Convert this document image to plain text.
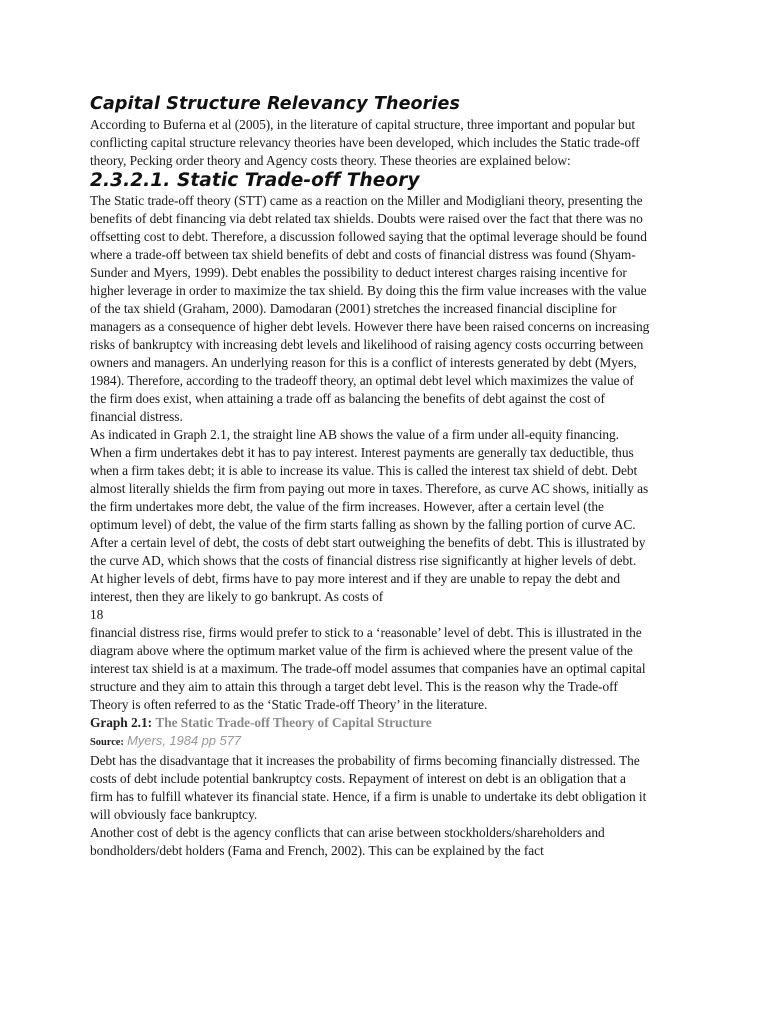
Capital Structure Relevancy Theories

According to Buferna et al (2005), in the literature of capital structure, three important and popular but conflicting capital structure relevancy theories have been developed, which includes the Static trade-off theory, Pecking order theory and Agency costs theory. These theories are explained below:

2.3.2.1. Static Trade-off Theory

The Static trade-off theory (STT) came as a reaction on the Miller and Modigliani theory, presenting the benefits of debt financing via debt related tax shields. Doubts were raised over the fact that there was no offsetting cost to debt. Therefore, a discussion followed saying that the optimal leverage should be found where a trade-off between tax shield benefits of debt and costs of financial distress was found (Shyam-Sunder and Myers, 1999). Debt enables the possibility to deduct interest charges raising incentive for higher leverage in order to maximize the tax shield. By doing this the firm value increases with the value of the tax shield (Graham, 2000). Damodaran (2001) stretches the increased financial discipline for managers as a consequence of higher debt levels. However there have been raised concerns on increasing risks of bankruptcy with increasing debt levels and likelihood of raising agency costs occurring between owners and managers. An underlying reason for this is a conflict of interests generated by debt (Myers, 1984). Therefore, according to the tradeoff theory, an optimal debt level which maximizes the value of the firm does exist, when attaining a trade off as balancing the benefits of debt against the cost of financial distress.

As indicated in Graph 2.1, the straight line AB shows the value of a firm under all-equity financing. When a firm undertakes debt it has to pay interest. Interest payments are generally tax deductible, thus when a firm takes debt; it is able to increase its value. This is called the interest tax shield of debt. Debt almost literally shields the firm from paying out more in taxes. Therefore, as curve AC shows, initially as the firm undertakes more debt, the value of the firm increases. However, after a certain level (the optimum level) of debt, the value of the firm starts falling as shown by the falling portion of curve AC. After a certain level of debt, the costs of debt start outweighing the benefits of debt. This is illustrated by the curve AD, which shows that the costs of financial distress rise significantly at higher levels of debt. At higher levels of debt, firms have to pay more interest and if they are unable to repay the debt and interest, then they are likely to go bankrupt. As costs of

18

financial distress rise, firms would prefer to stick to a ‘reasonable’ level of debt. This is illustrated in the diagram above where the optimum market value of the firm is achieved where the present value of the interest tax shield is at a maximum. The trade-off model assumes that companies have an optimal capital structure and they aim to attain this through a target debt level. This is the reason why the Trade-off Theory is often referred to as the ‘Static Trade-off Theory’ in the literature.

Graph 2.1: The Static Trade-off Theory of Capital Structure

Source: Myers, 1984 pp 577

Debt has the disadvantage that it increases the probability of firms becoming financially distressed. The costs of debt include potential bankruptcy costs. Repayment of interest on debt is an obligation that a firm has to fulfill whatever its financial state. Hence, if a firm is unable to undertake its debt obligation it will obviously face bankruptcy.

Another cost of debt is the agency conflicts that can arise between stockholders/shareholders and bondholders/debt holders (Fama and French, 2002). This can be explained by the fact
